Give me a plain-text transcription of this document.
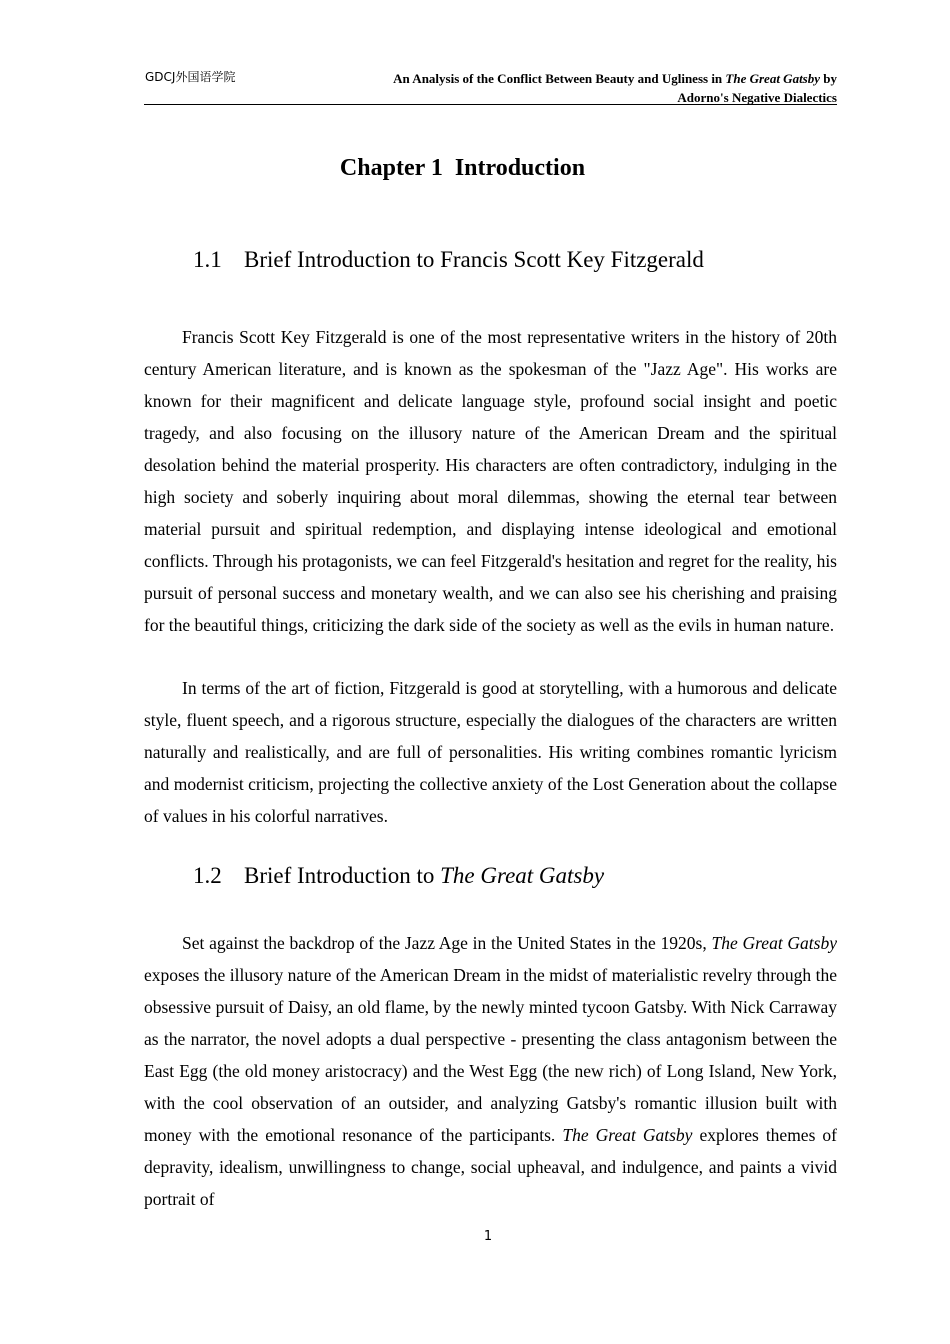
GDCJ外国语学院	An Analysis of the Conflict Between Beauty and Ugliness in The Great Gatsby by
Adorno's Negative Dialectics
Chapter 1  Introduction
1.1 Brief Introduction to Francis Scott Key Fitzgerald
Francis Scott Key Fitzgerald is one of the most representative writers in the history of 20th century American literature, and is known as the spokesman of the "Jazz Age". His works are known for their magnificent and delicate language style, profound social insight and poetic tragedy, and also focusing on the illusory nature of the American Dream and the spiritual desolation behind the material prosperity. His characters are often contradictory, indulging in the high society and soberly inquiring about moral dilemmas, showing the eternal tear between material pursuit and spiritual redemption, and displaying intense ideological and emotional conflicts. Through his protagonists, we can feel Fitzgerald's hesitation and regret for the reality, his pursuit of personal success and monetary wealth, and we can also see his cherishing and praising for the beautiful things, criticizing the dark side of the society as well as the evils in human nature.
In terms of the art of fiction, Fitzgerald is good at storytelling, with a humorous and delicate style, fluent speech, and a rigorous structure, especially the dialogues of the characters are written naturally and realistically, and are full of personalities. His writing combines romantic lyricism and modernist criticism, projecting the collective anxiety of the Lost Generation about the collapse of values in his colorful narratives.
1.2 Brief Introduction to The Great Gatsby
Set against the backdrop of the Jazz Age in the United States in the 1920s, The Great Gatsby exposes the illusory nature of the American Dream in the midst of materialistic revelry through the obsessive pursuit of Daisy, an old flame, by the newly minted tycoon Gatsby. With Nick Carraway as the narrator, the novel adopts a dual perspective - presenting the class antagonism between the East Egg (the old money aristocracy) and the West Egg (the new rich) of Long Island, New York, with the cool observation of an outsider, and analyzing Gatsby's romantic illusion built with money with the emotional resonance of the participants. The Great Gatsby explores themes of depravity, idealism, unwillingness to change, social upheaval, and indulgence, and paints a vivid portrait of
1
